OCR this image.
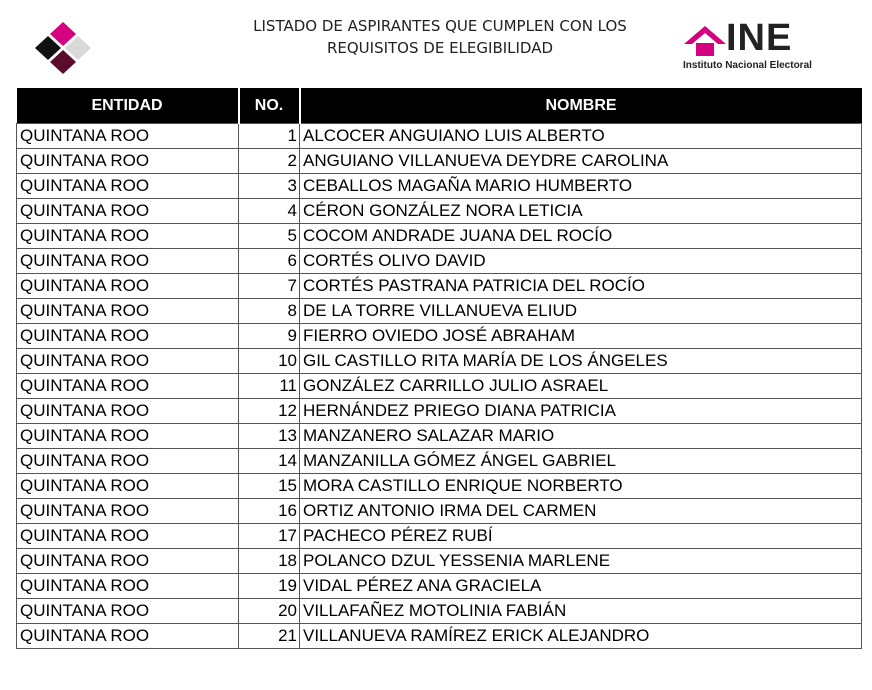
LISTADO DE ASPIRANTES QUE CUMPLEN CON LOS
REQUISITOS DE ELEGIBILIDAD	INE
Instituto Nacional Electoral
ENTIDAD	NO.	NOMBRE
QUINTANA ROO	1	ALCOCER ANGUIANO LUIS ALBERTO
QUINTANA ROO	2	ANGUIANO VILLANUEVA DEYDRE CAROLINA
QUINTANA ROO	3	CEBALLOS MAGAÑA MARIO HUMBERTO
QUINTANA ROO	4	CÉRON GONZÁLEZ NORA LETICIA
QUINTANA ROO	5	COCOM ANDRADE JUANA DEL ROCÍO
QUINTANA ROO	6	CORTÉS OLIVO DAVID
QUINTANA ROO	7	CORTÉS PASTRANA PATRICIA DEL ROCÍO
QUINTANA ROO	8	DE LA TORRE VILLANUEVA ELIUD
QUINTANA ROO	9	FIERRO OVIEDO JOSÉ ABRAHAM
QUINTANA ROO	10	GIL CASTILLO RITA MARÍA DE LOS ÁNGELES
QUINTANA ROO	11	GONZÁLEZ CARRILLO JULIO ASRAEL
QUINTANA ROO	12	HERNÁNDEZ PRIEGO DIANA PATRICIA
QUINTANA ROO	13	MANZANERO SALAZAR MARIO
QUINTANA ROO	14	MANZANILLA GÓMEZ ÁNGEL GABRIEL
QUINTANA ROO	15	MORA CASTILLO ENRIQUE NORBERTO
QUINTANA ROO	16	ORTIZ ANTONIO IRMA DEL CARMEN
QUINTANA ROO	17	PACHECO PÉREZ RUBÍ
QUINTANA ROO	18	POLANCO DZUL YESSENIA MARLENE
QUINTANA ROO	19	VIDAL PÉREZ ANA GRACIELA
QUINTANA ROO	20	VILLAFAÑEZ MOTOLINIA FABIÁN
QUINTANA ROO	21	VILLANUEVA RAMÍREZ ERICK ALEJANDRO
